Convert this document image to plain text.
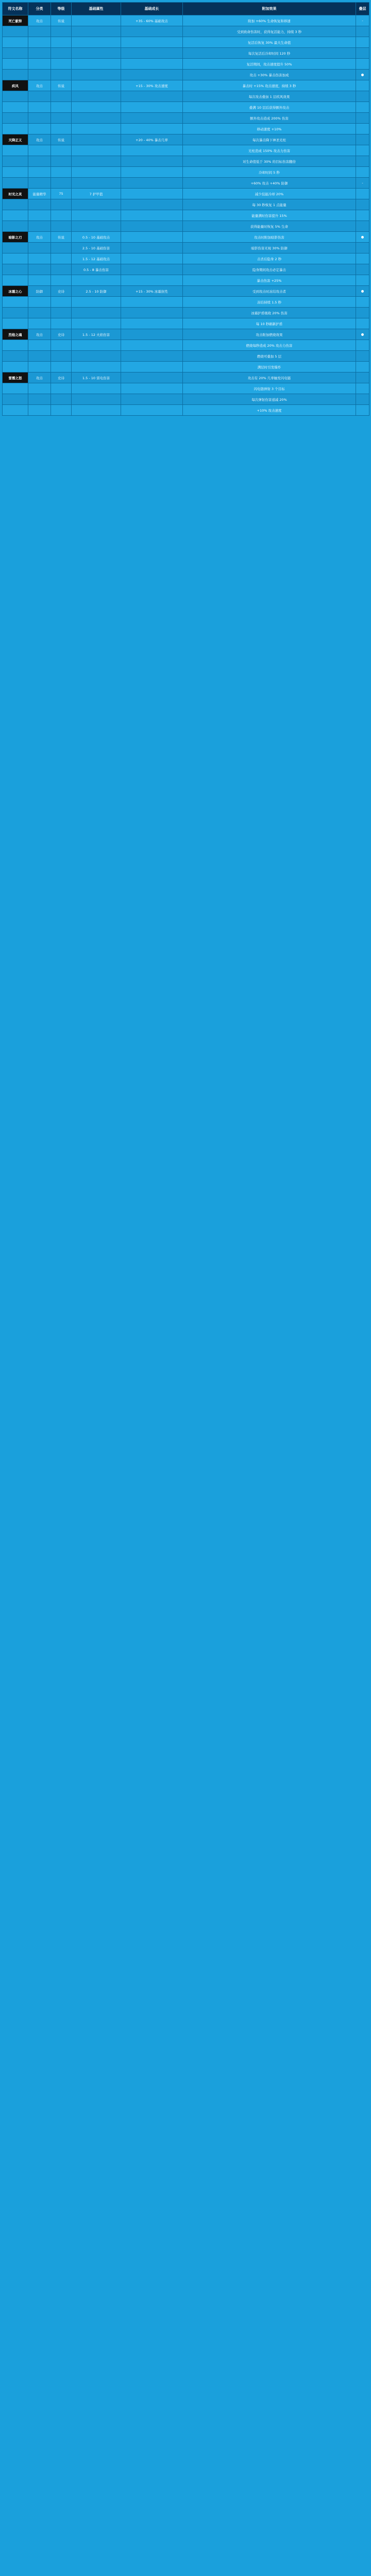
符文名称	分类	等级	基础属性	基础成长	附加效果	叠层
死亡献祭	攻击	传说		+35 - 60% 基础攻击	附加 +60% 生命恢复和移速	-
					受到致命伤害时，获得复活能力，持续 3 秒	
					复活后恢复 30% 最大生命值	
					每次复活后冷却时间 120 秒	
					复活期间，攻击速度提升 50%	
					攻击 +30% 暴击伤害加成	●
疾风	攻击	传说		+15 - 30% 攻击速度	暴击时 +15% 攻击速度，持续 3 秒	
					每次攻击叠加 1 层疾风效果	
					叠满 10 层后获得额外攻击	
					额外攻击造成 200% 伤害	
					移动速度 +10%	
天降正义	攻击	传说		+20 - 40% 暴击几率	每次暴击降下神圣光柱	
					光柱造成 150% 攻击力伤害	
					对生命值低于 30% 的目标伤害翻倍	
					冷却时间 5 秒	
					+60% 攻击 +40% 防御	-
时光之灵	能量精华	75	7 护甲值		减少技能冷却 20%	
					每 30 秒恢复 1 点能量	
					能量满时伤害提升 15%	
					获得能量时恢复 5% 生命	
暗影之刃	攻击	传说	0.5 - 10 基础攻击		攻击时附加暗影伤害	●
			2.5 - 10 基础伤害		暗影伤害无视 30% 防御	
			1.5 - 12 基础攻击		击杀后隐身 2 秒	
			0.5 - 8 暴击伤害		隐身期间攻击必定暴击	
					暴击伤害 +25%	
冰霜之心	防御	史诗	2.5 - 10 防御	+15 - 30% 冰霜抗性	受到攻击时冻结攻击者	●
					冻结持续 1.5 秒	
					冰霜护盾吸收 20% 伤害	
					每 10 秒刷新护盾	
烈焰之魂	攻击	史诗	1.5 - 12 火焰伤害		攻击附加燃烧效果	●
					燃烧每秒造成 20% 攻击力伤害	
					燃烧可叠加 5 层	
					满层时引发爆炸	
雷霆之怒	攻击	史诗	1.5 - 10 雷电伤害		攻击有 20% 几率触发闪电链	
					闪电链弹射 3 个目标	
					每次弹射伤害递减 20%	
					+10% 攻击速度	
